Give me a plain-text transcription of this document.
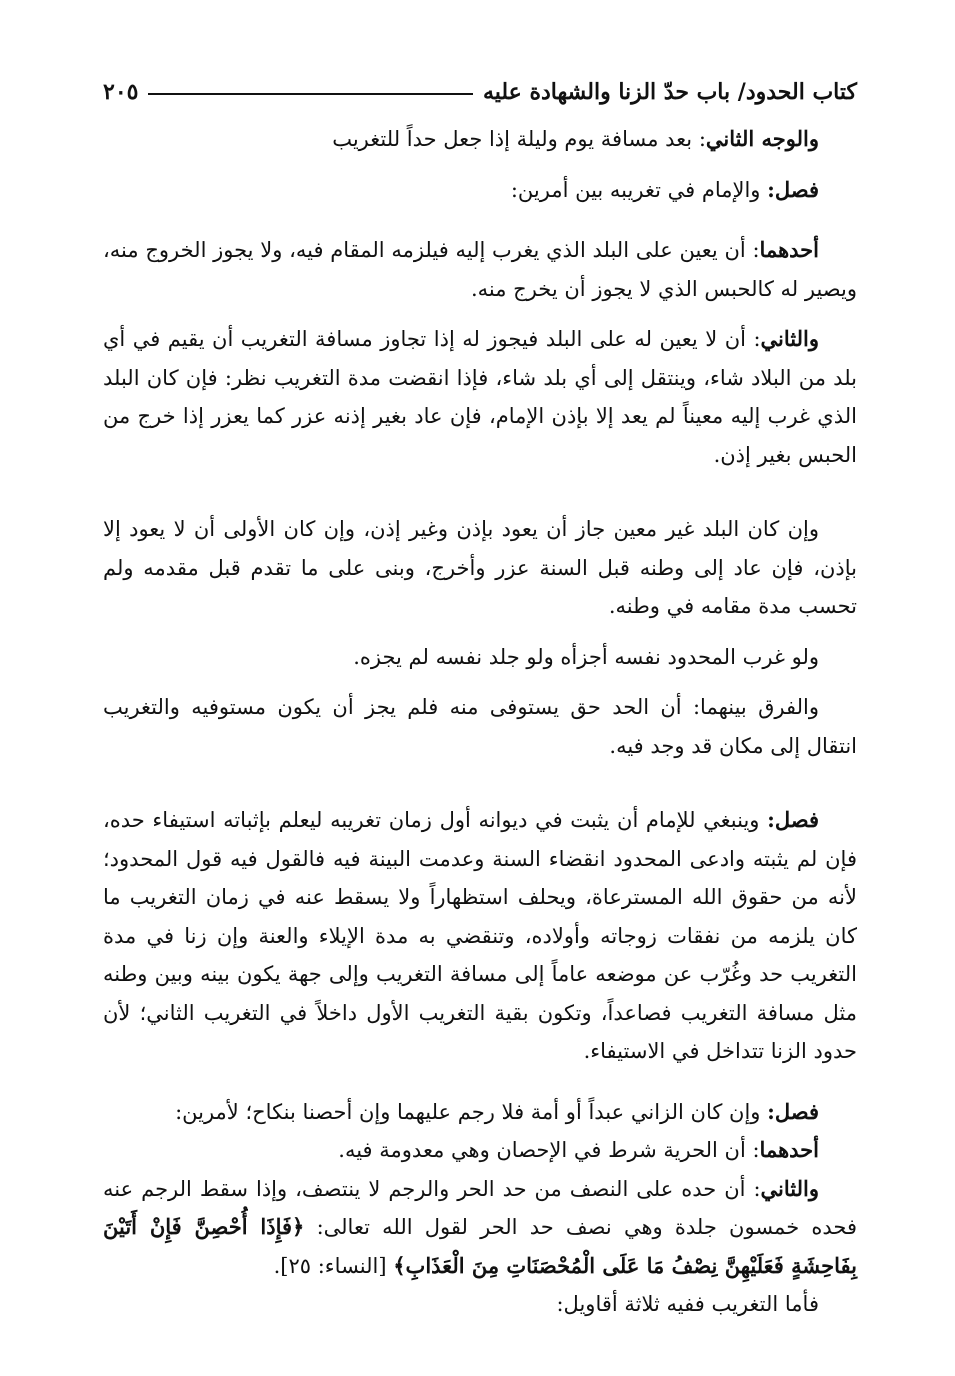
كتاب الحدود/ باب حدّ الزنا والشهادة عليه
٢٠٥

والوجه الثاني: بعد مسافة يوم وليلة إذا جعل حداً للتغريب

فصل: والإمام في تغريبه بين أمرين:

أحدهما: أن يعين على البلد الذي يغرب إليه فيلزمه المقام فيه، ولا يجوز الخروج منه، ويصير له كالحبس الذي لا يجوز أن يخرج منه.

والثاني: أن لا يعين له على البلد فيجوز له إذا تجاوز مسافة التغريب أن يقيم في أي بلد من البلاد شاء، وينتقل إلى أي بلد شاء، فإذا انقضت مدة التغريب نظر: فإن كان البلد الذي غرب إليه معيناً لم يعد إلا بإذن الإمام، فإن عاد بغير إذنه عزر كما يعزر إذا خرج من الحبس بغير إذن.

وإن كان البلد غير معين جاز أن يعود بإذن وغير إذن، وإن كان الأولى أن لا يعود إلا بإذن، فإن عاد إلى وطنه قبل السنة عزر وأخرج، وبنى على ما تقدم قبل مقدمه ولم تحسب مدة مقامه في وطنه.

ولو غرب المحدود نفسه أجزأه ولو جلد نفسه لم يجزه.

والفرق بينهما: أن الحد حق يستوفى منه فلم يجز أن يكون مستوفيه والتغريب انتقال إلى مكان قد وجد فيه.

فصل: وينبغي للإمام أن يثبت في ديوانه أول زمان تغريبه ليعلم بإثباته استيفاء حده، فإن لم يثبته وادعى المحدود انقضاء السنة وعدمت البينة فيه فالقول فيه قول المحدود؛ لأنه من حقوق الله المسترعاة، ويحلف استظهاراً ولا يسقط عنه في زمان التغريب ما كان يلزمه من نفقات زوجاته وأولاده، وتنقضي به مدة الإيلاء والعنة وإن زنا في مدة التغريب حد وغُرّب عن موضعه عاماً إلى مسافة التغريب وإلى جهة يكون بينه وبين وطنه مثل مسافة التغريب فصاعداً، وتكون بقية التغريب الأول داخلاً في التغريب الثاني؛ لأن حدود الزنا تتداخل في الاستيفاء.

فصل: وإن كان الزاني عبداً أو أمة فلا رجم عليهما وإن أحصنا بنكاح؛ لأمرين:

أحدهما: أن الحرية شرط في الإحصان وهي معدومة فيه.

والثاني: أن حده على النصف من حد الحر والرجم لا ينتصف، وإذا سقط الرجم عنه فحده خمسون جلدة وهي نصف حد الحر لقول الله تعالى: ﴿فَإِذَا أُحْصِنَّ فَإِنْ أَتَيْنَ بِفَاحِشَةٍ فَعَلَيْهِنَّ نِصْفُ مَا عَلَى الْمُحْصَنَاتِ مِنَ الْعَذَابِ﴾ [النساء: ٢٥].

فأما التغريب ففيه ثلاثة أقاويل:
